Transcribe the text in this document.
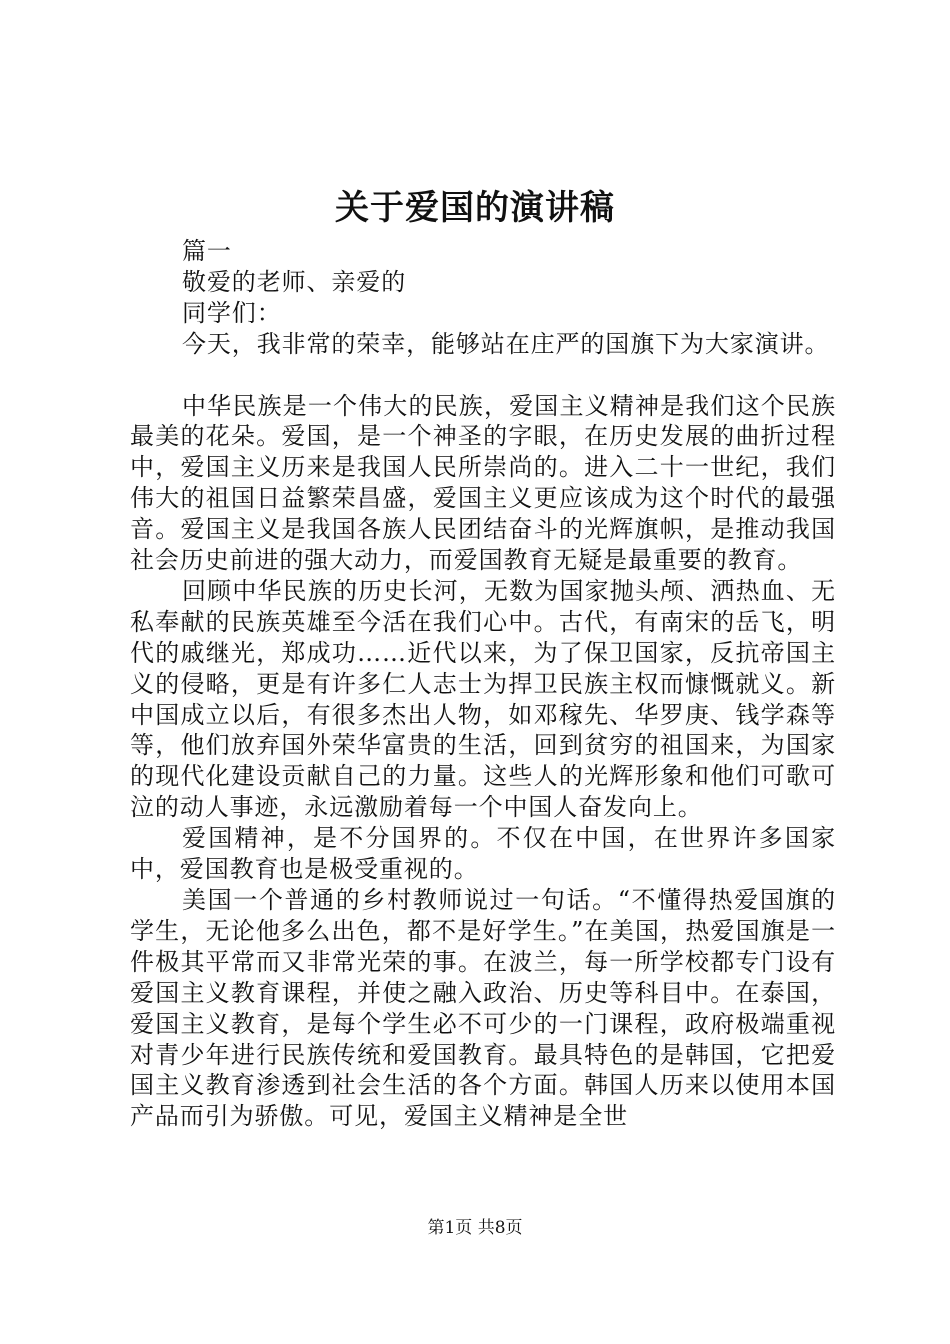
关于爱国的演讲稿

篇一

敬爱的老师、亲爱的

同学们：

今天，我非常的荣幸，能够站在庄严的国旗下为大家演讲。

中华民族是一个伟大的民族，爱国主义精神是我们这个民族最美的花朵。爱国，是一个神圣的字眼，在历史发展的曲折过程中，爱国主义历来是我国人民所崇尚的。进入二十一世纪，我们伟大的祖国日益繁荣昌盛，爱国主义更应该成为这个时代的最强音。爱国主义是我国各族人民团结奋斗的光辉旗帜，是推动我国社会历史前进的强大动力，而爱国教育无疑是最重要的教育。

回顾中华民族的历史长河，无数为国家抛头颅、洒热血、无私奉献的民族英雄至今活在我们心中。古代，有南宋的岳飞，明代的戚继光，郑成功……近代以来，为了保卫国家，反抗帝国主义的侵略，更是有许多仁人志士为捍卫民族主权而慷慨就义。新中国成立以后，有很多杰出人物，如邓稼先、华罗庚、钱学森等等，他们放弃国外荣华富贵的生活，回到贫穷的祖国来，为国家的现代化建设贡献自己的力量。这些人的光辉形象和他们可歌可泣的动人事迹，永远激励着每一个中国人奋发向上。

爱国精神，是不分国界的。不仅在中国，在世界许多国家中，爱国教育也是极受重视的。

美国一个普通的乡村教师说过一句话。“不懂得热爱国旗的学生，无论他多么出色，都不是好学生。”在美国，热爱国旗是一件极其平常而又非常光荣的事。在波兰，每一所学校都专门设有爱国主义教育课程，并使之融入政治、历史等科目中。在泰国，爱国主义教育，是每个学生必不可少的一门课程，政府极端重视对青少年进行民族传统和爱国教育。最具特色的是韩国，它把爱国主义教育渗透到社会生活的各个方面。韩国人历来以使用本国产品而引为骄傲。可见，爱国主义精神是全世

第1页 共8页
